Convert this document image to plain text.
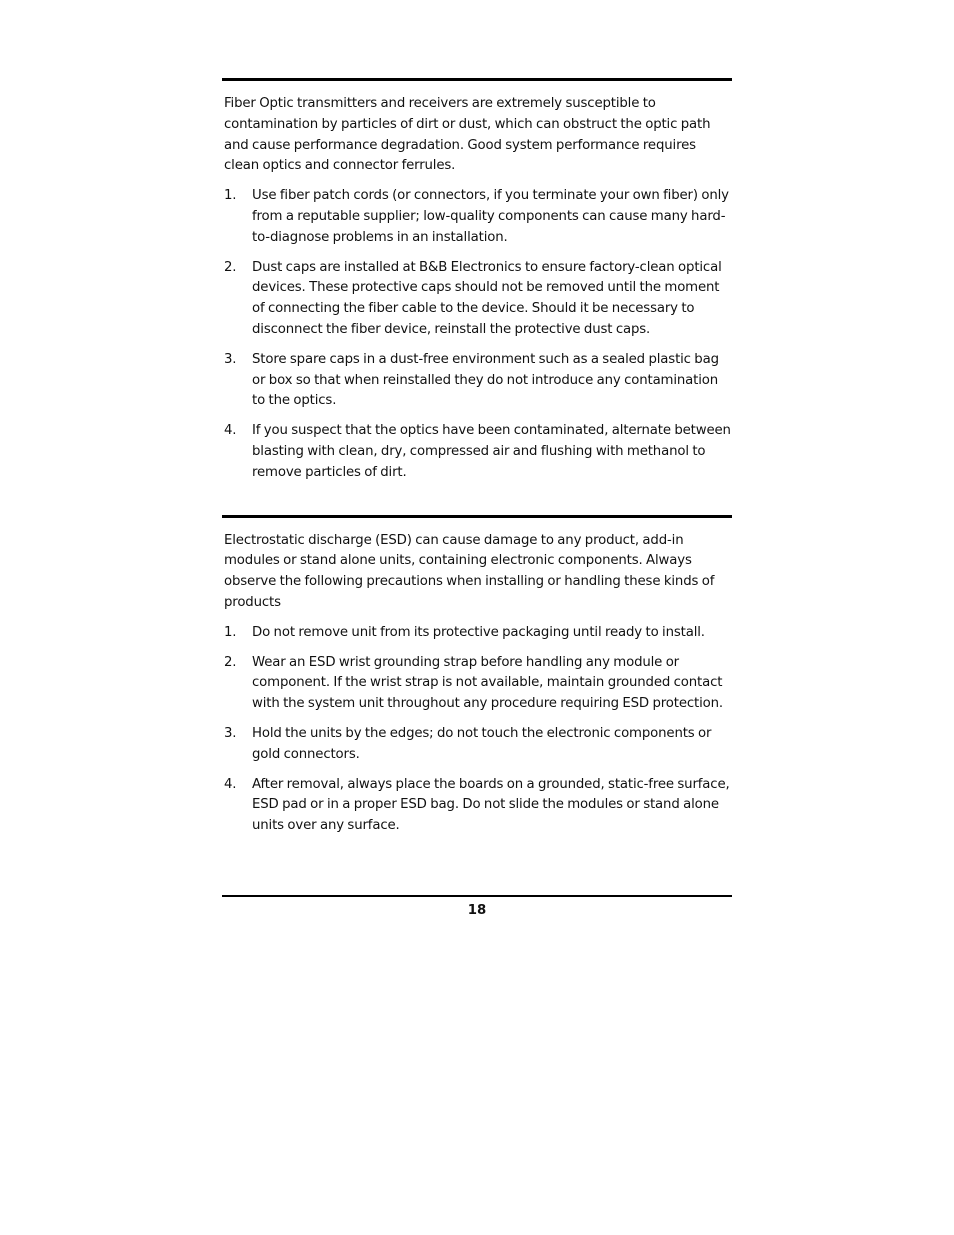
Fiber Optic transmitters and receivers are extremely susceptible to contamination by particles of dirt or dust, which can obstruct the optic path and cause performance degradation. Good system performance requires clean optics and connector ferrules.

1. Use fiber patch cords (or connectors, if you terminate your own fiber) only from a reputable supplier; low-quality components can cause many hard-to-diagnose problems in an installation.
2. Dust caps are installed at B&B Electronics to ensure factory-clean optical devices. These protective caps should not be removed until the moment of connecting the fiber cable to the device. Should it be necessary to disconnect the fiber device, reinstall the protective dust caps.
3. Store spare caps in a dust-free environment such as a sealed plastic bag or box so that when reinstalled they do not introduce any contamination to the optics.
4. If you suspect that the optics have been contaminated, alternate between blasting with clean, dry, compressed air and flushing with methanol to remove particles of dirt.

Electrostatic discharge (ESD) can cause damage to any product, add-in modules or stand alone units, containing electronic components. Always observe the following precautions when installing or handling these kinds of products

1. Do not remove unit from its protective packaging until ready to install.
2. Wear an ESD wrist grounding strap before handling any module or component. If the wrist strap is not available, maintain grounded contact with the system unit throughout any procedure requiring ESD protection.
3. Hold the units by the edges; do not touch the electronic components or gold connectors.
4. After removal, always place the boards on a grounded, static-free surface, ESD pad or in a proper ESD bag. Do not slide the modules or stand alone units over any surface.
18
